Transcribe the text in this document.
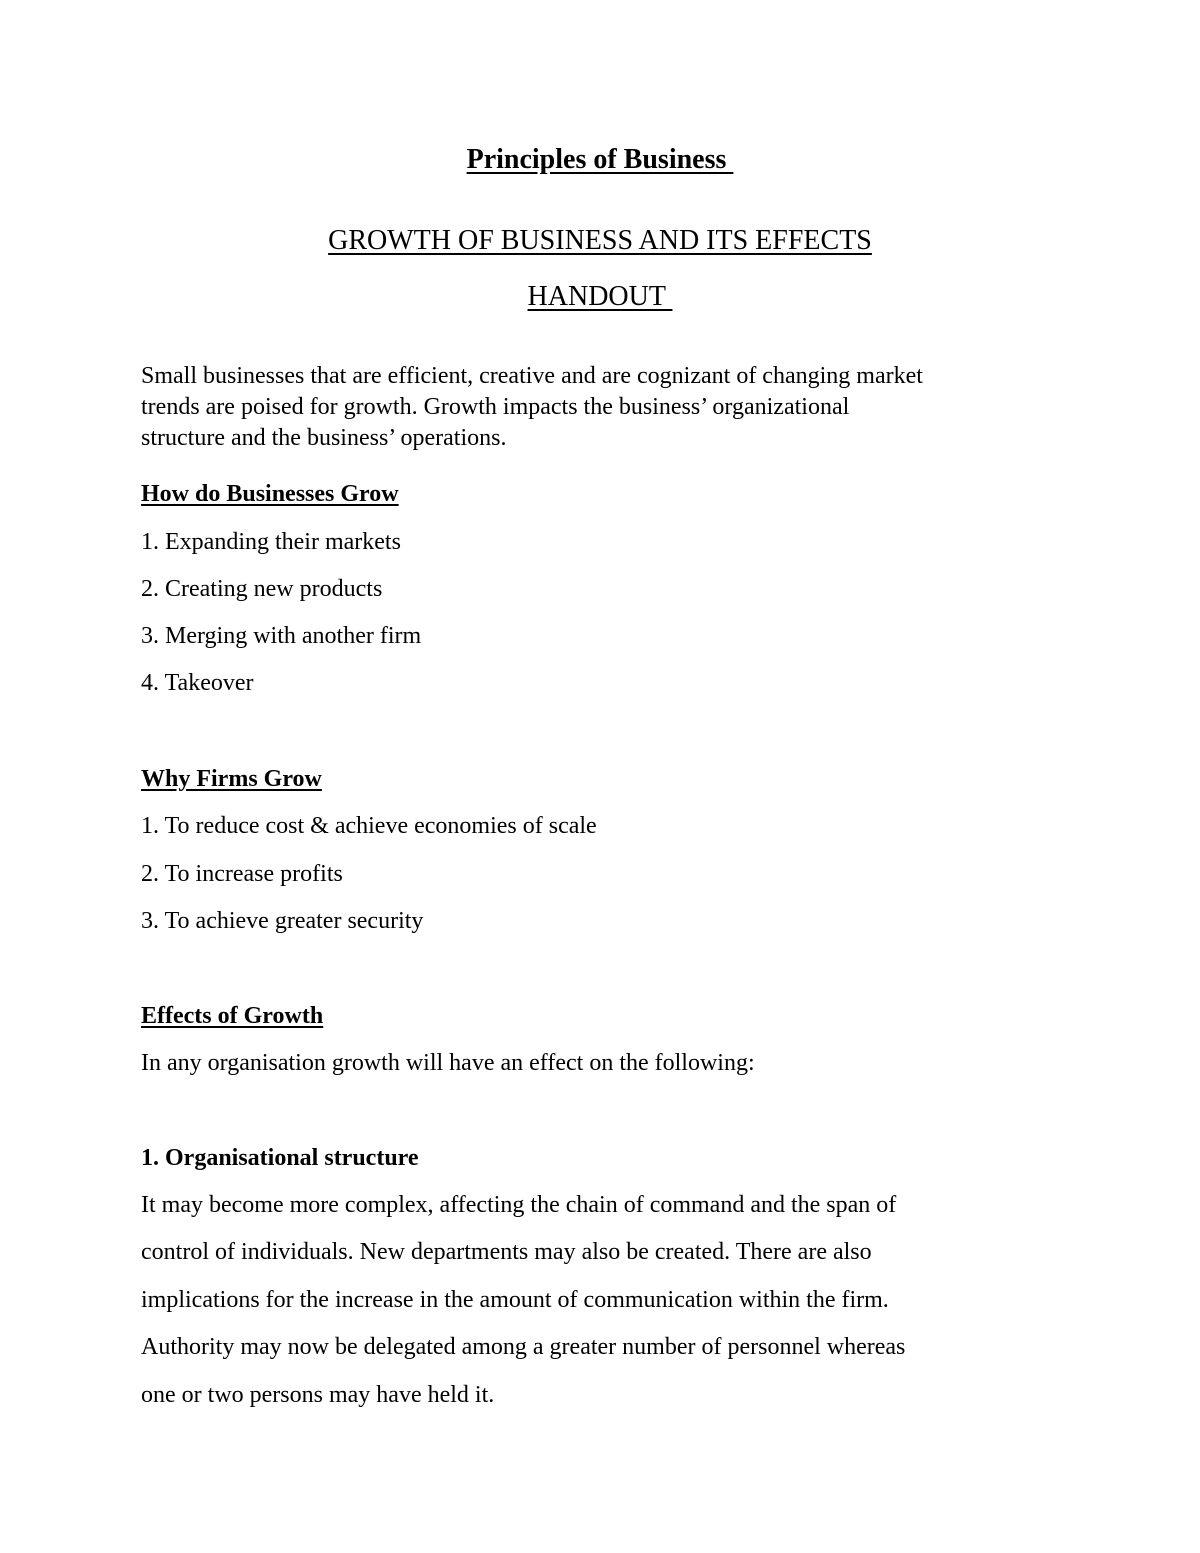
Principles of Business
GROWTH OF BUSINESS AND ITS EFFECTS
HANDOUT
Small businesses that are efficient, creative and are cognizant of changing market
trends are poised for growth. Growth impacts the business’ organizational
structure and the business’ operations.
How do Businesses Grow
1. Expanding their markets
2. Creating new products
3. Merging with another firm
4. Takeover
Why Firms Grow
1. To reduce cost & achieve economies of scale
2. To increase profits
3. To achieve greater security
Effects of Growth
In any organisation growth will have an effect on the following:
1. Organisational structure
It may become more complex, affecting the chain of command and the span of
control of individuals. New departments may also be created. There are also
implications for the increase in the amount of communication within the firm.
Authority may now be delegated among a greater number of personnel whereas
one or two persons may have held it.
